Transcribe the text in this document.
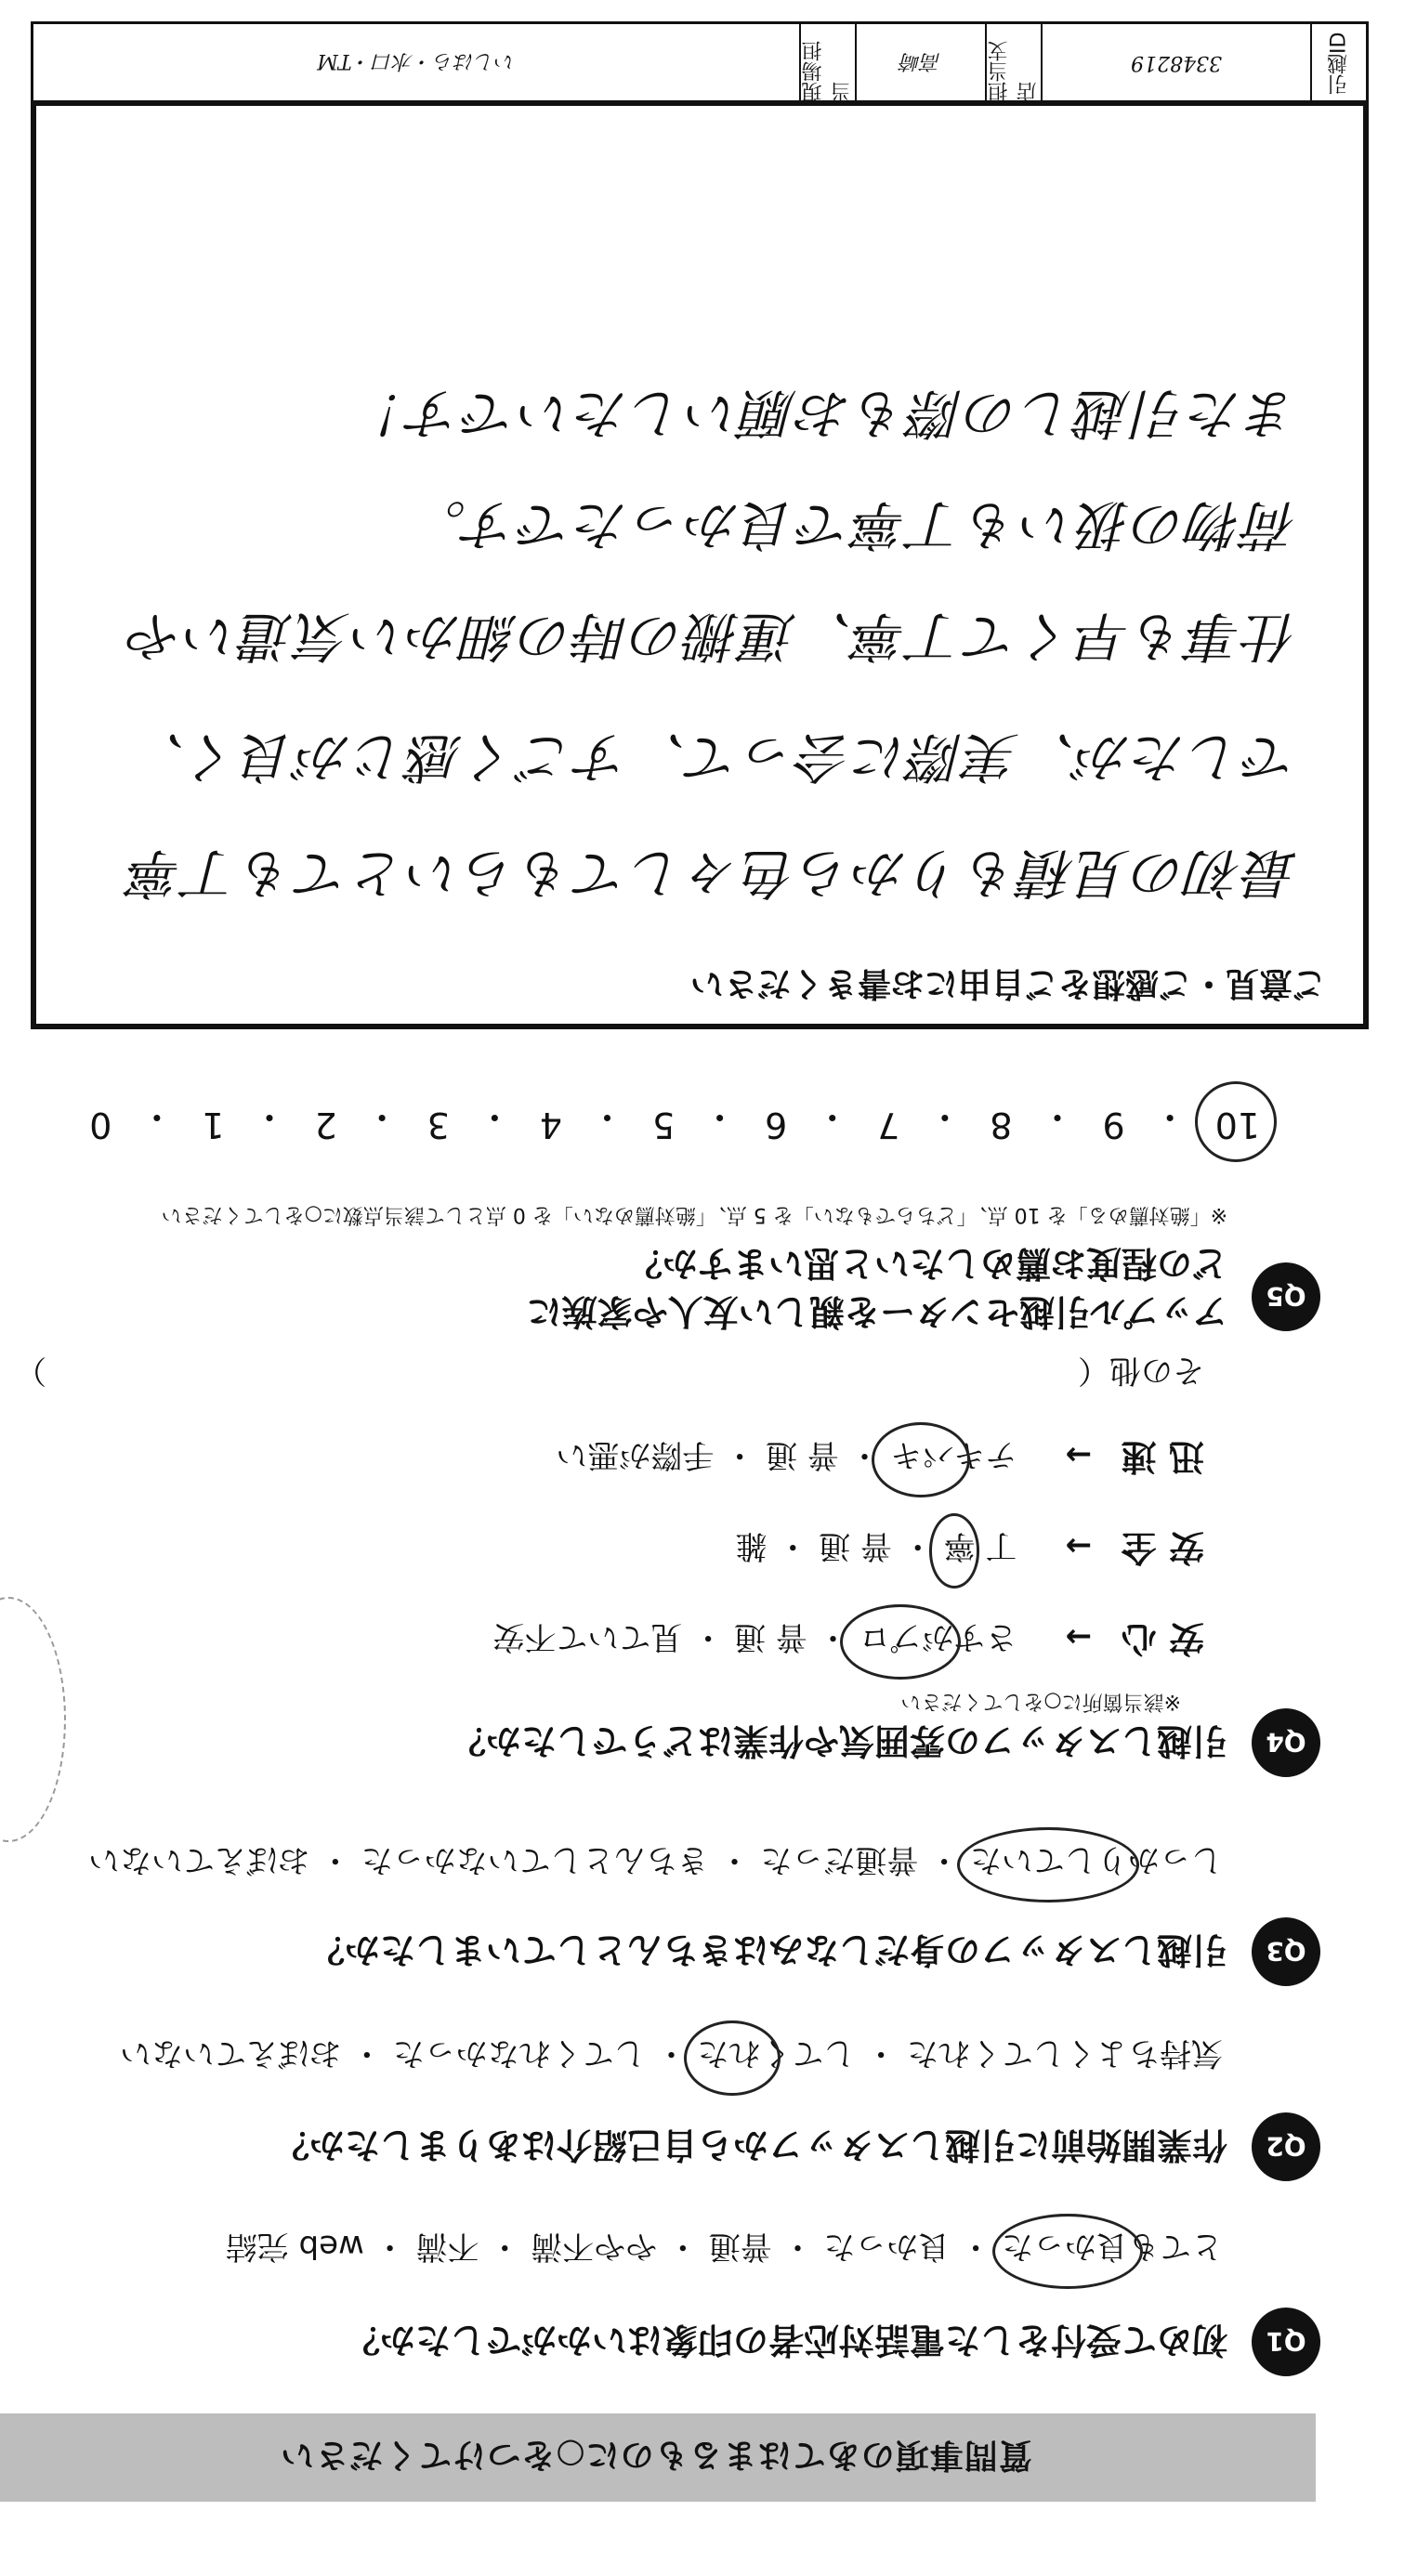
引越ID
3348219
担当支店
高崎
現場担当
いしはら・水口・TM
質問事項のあてはまるものに○をつけてください
Q1
初めて受付をした電話対応者の印象はいかがでしたか？
とても良かった ・ 良かった ・ 普通 ・ やや不満 ・ 不満 ・ web 完結
Q2
作業開始前に引越しスタッフから自己紹介はありましたか？
気持ちよくしてくれた ・
してくれた ・ してくれなかった ・ おぼえていない
Q3
引越しスタッフの身だしなみはきちんとしていましたか？
しっかりしていた ・ 普通だった ・ きちんとしていなかった ・ おぼえていない
Q4
引越しスタッフの雰囲気や作業はどうでしたか？
※該当箇所に○をしてください
安 心 →
さすがプロ ・ 普 通 ・ 見ていて不安
安 全 →
丁 寧 ・ 普 通 ・ 雑
迅 速 →
テキパキ ・ 普 通 ・ 手際が悪い
その他（
）
Q5
アップル引越センターを親しい友人や家族に
どの程度お薦めしたいと思いますか？
※「絶対薦める」を 10 点、「どちらでもない」を 5 点、「絶対薦めない」を 0 点として該当点数に○をしてください
10
・
9
・
8
・
7
・
6
・
5
・
4
・
3
・
2
・
1
・
0
ご意見・ご感想をご自由にお書きください
最初の見積もりから色々してもらいとても丁寧
でしたが、実際に会って、すごく感じが良く、
仕事も早くて丁寧、運搬の時の細かい気遣いや
荷物の扱いも丁寧で良かったです。
また引越しの際もお願いしたいです！
